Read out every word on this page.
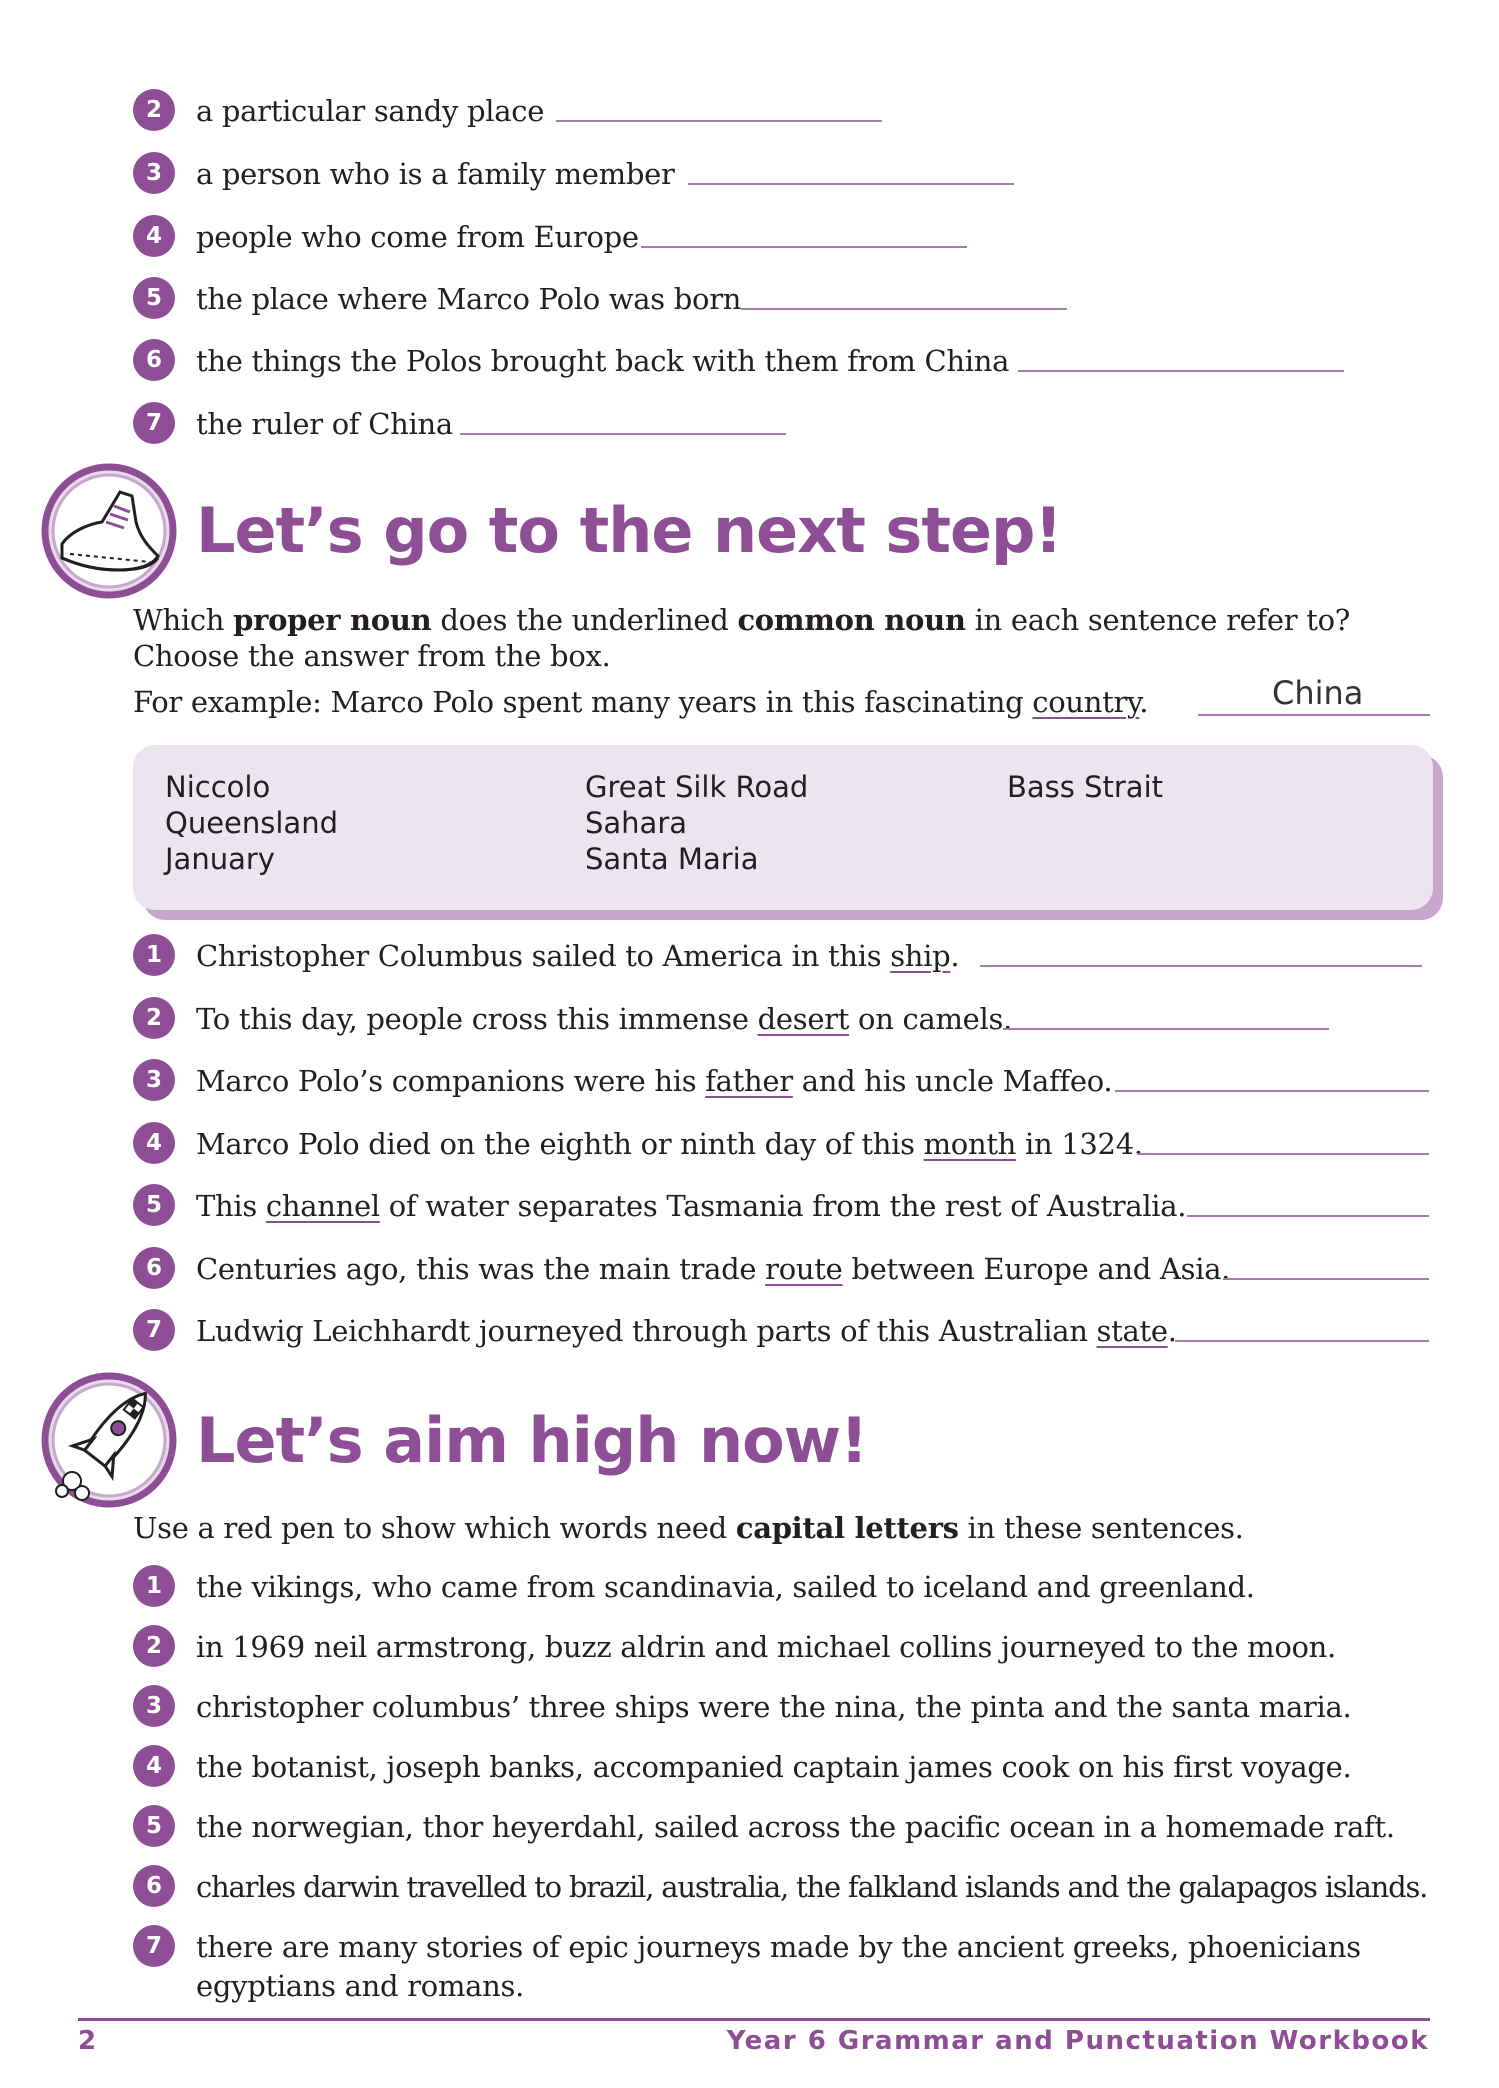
2	a particular sandy place
3	a person who is a family member
4	people who come from Europe
5	the place where Marco Polo was born
6	the things the Polos brought back with them from China
7	the ruler of China
Let’s go to the next step!
Which proper noun does the underlined common noun in each sentence refer to?
Choose the answer from the box.
For example: Marco Polo spent many years in this fascinating country.	China
Niccolo
Queensland
January
Great Silk Road
Sahara
Santa Maria
Bass Strait
1	Christopher Columbus sailed to America in this ship.
2	To this day, people cross this immense desert on camels.
3	Marco Polo’s companions were his father and his uncle Maffeo.
4	Marco Polo died on the eighth or ninth day of this month in 1324.
5	This channel of water separates Tasmania from the rest of Australia.
6	Centuries ago, this was the main trade route between Europe and Asia.
7	Ludwig Leichhardt journeyed through parts of this Australian state.
Let’s aim high now!
Use a red pen to show which words need capital letters in these sentences.
1	the vikings, who came from scandinavia, sailed to iceland and greenland.
2	in 1969 neil armstrong, buzz aldrin and michael collins journeyed to the moon.
3	christopher columbus’ three ships were the nina, the pinta and the santa maria.
4	the botanist, joseph banks, accompanied captain james cook on his first voyage.
5	the norwegian, thor heyerdahl, sailed across the pacific ocean in a homemade raft.
6	charles darwin travelled to brazil, australia, the falkland islands and the galapagos islands.
7	there are many stories of epic journeys made by the ancient greeks, phoenicians
egyptians and romans.
2	Year 6 Grammar and Punctuation Workbook
